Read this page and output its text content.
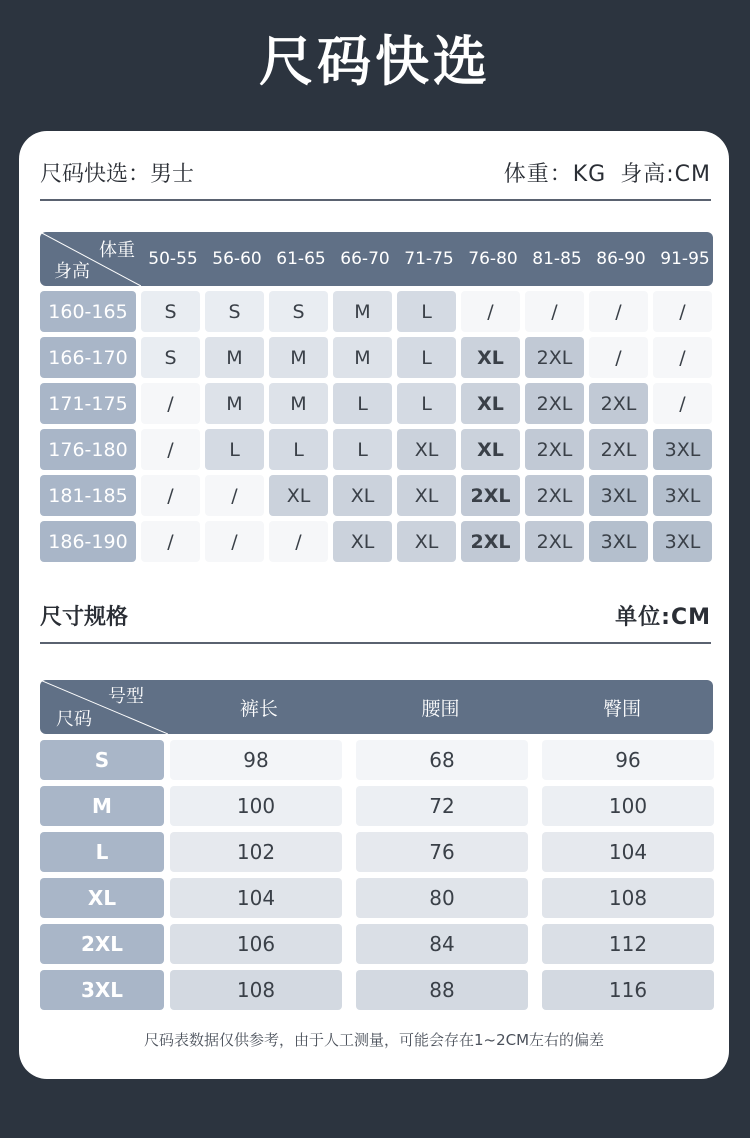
尺码快选
尺码快选： 男士	体重：KG 身高:CM
体重
身高
50-55 56-60 61-65 66-70 71-75 76-80 81-85 86-90 91-95
160-165	S	S	S	M	L	/	/	/	/
166-170	S	M	M	M	L	XL	2XL	/	/
171-175	/	M	M	L	L	XL	2XL	2XL	/
176-180	/	L	L	L	XL	XL	2XL	2XL	3XL
181-185	/	/	XL	XL	XL	2XL	2XL	3XL	3XL
186-190	/	/	/	XL	XL	2XL	2XL	3XL	3XL
尺寸规格	单位:CM
号型
尺码	裤长	腰围	臀围
S	98	68	96
M	100	72	100
L	102	76	104
XL	104	80	108
2XL	106	84	112
3XL	108	88	116
尺码表数据仅供参考，由于人工测量，可能会存在1~2CM左右的偏差
